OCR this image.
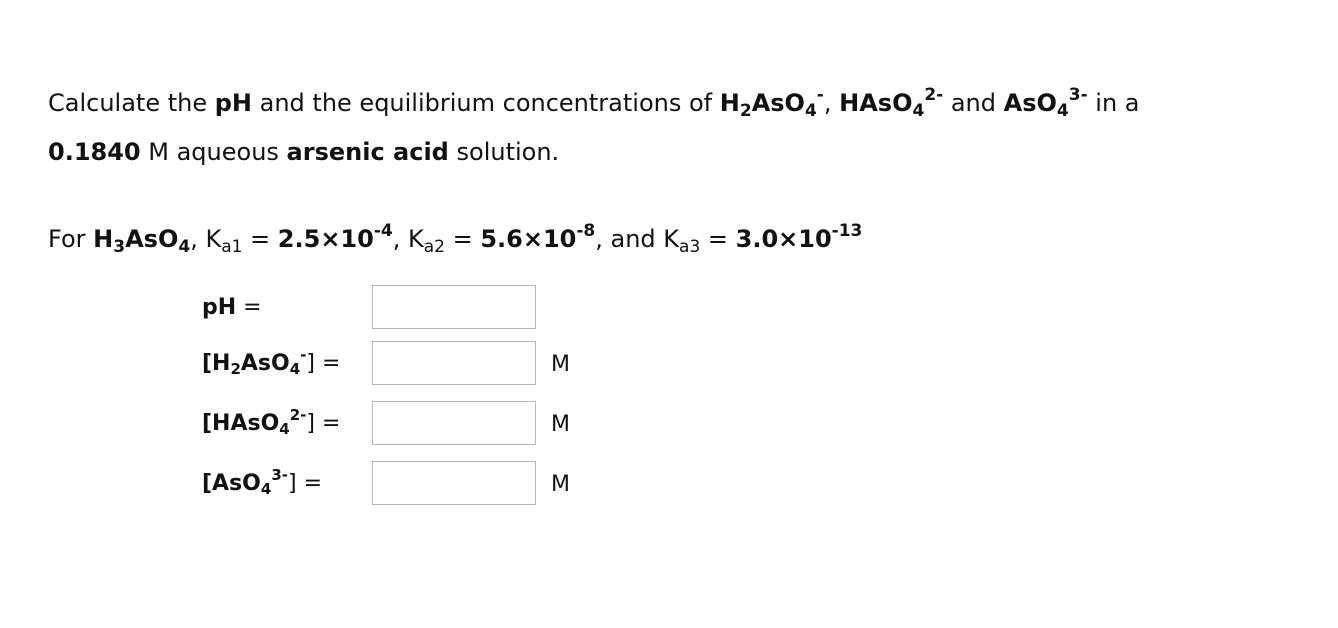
Calculate the pH and the equilibrium concentrations of $H_2AsO_4^-$, HAsO$_4^{2-}$ and AsO$_4^{3-}$ in a
0.1840 M aqueous arsenic acid solution.
For $H_3AsO_4$, $K_{a1} = 2.5\times 10^{-4}$, $K_{a2} = 5.6\times 10^{-8}$, and $K_{a3} = 3.0\times 10^{-13}$
pH =
$[H_2AsO_4^-]$ =	M
[HAsO$_4^{2-}$] =	M
[AsO$_4^{3-}$] =	M
